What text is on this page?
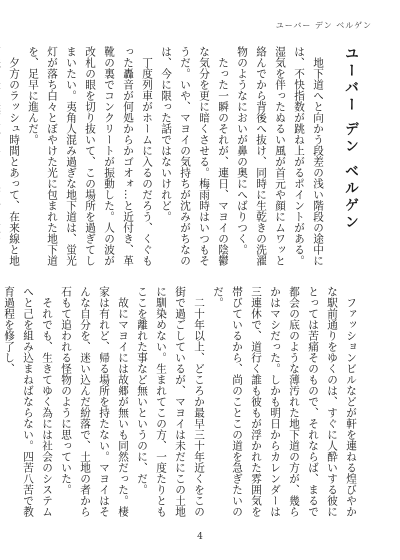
ユーバー デン ベルゲン
ユーバー デン ベルゲン

地下道へと向かう段差の浅い階段の途中には、不快指数が跳ね上がるポイントがある。湿気を伴ったぬるい風が首元や顔にムワッと絡んでから背後へ抜け、同時に生乾きの洗濯物のようなにおいが鼻の奥にへばりつく。

たった一瞬のそれが、連日、マヨイの陰鬱な気分を更に暗くさせる。梅雨時はいつもそうだ。いや、マヨイの気持ちが沈みがちなのは、今に限った話ではないけれど。

丁度列車がホームに入るのだろう、くぐもった轟音が何処からかゴオォ…と近付き、革靴の裏でコンクリートが振動した。人の波が改札の眼を切り抜いて、この場所を過ぎてしまいたい。夷角人混み過ぎな地下道は、蛍光灯が落ち白々とぼやけた光に包まれた地下道を、足早に進んだ。

夕方のラッシュ時間とあって、在来線と地

ファッションビルなどが軒を連ねる煌びやかな駅前通りをゆくのは、すぐに人酔いする彼にとっては苦痛そのもので、それならば、まるで都会の底のような薄汚れた地下道の方が、幾らかはマシだった。しかも明日からカレンダーは三連休で、道行く誰も彼もが浮かれた雰囲気を帯びているから、尚のことこの道を急ぎたいのだ。

二十年以上、どころか最早三十年近くをこの街で過ごしているが、マヨイは未だにこの土地に馴染めない。生まれてこの方、一度たりともここを離れた事など無いというのに、だ。

故にマヨイには故郷が無いも同然だった。棲家は有れど、帰る場所を持たない。マヨイはそんな自分を、迷い込んだ紛落で、土地の者から石もて追われる怪物のように思っていた。

それでも、生きてゆく為には社会のシステムへと己を組み込まねばならない。四苦八苦で教育過程を修了し、

4
